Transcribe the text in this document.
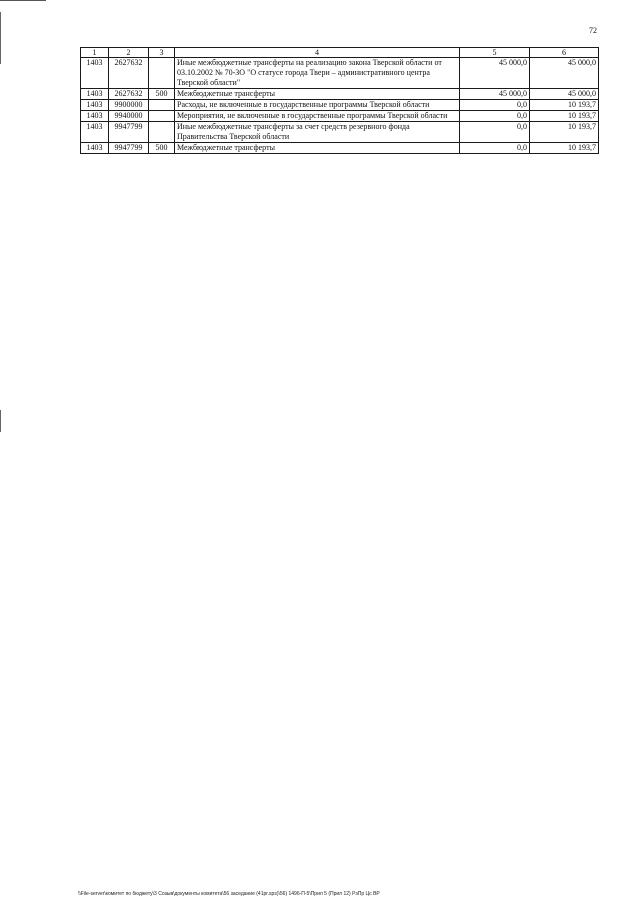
72
1	2	3	4	5	6
1403	2627632		Иные межбюджетные трансферты на реализацию закона Тверской области от 03.10.2002 № 70-ЗО "О статусе города Твери – административного центра Тверской области"	45 000,0	45 000,0
1403	2627632	500	Межбюджетные трансферты	45 000,0	45 000,0
1403	9900000		Расходы, не включенные в государственные программы Тверской области	0,0	10 193,7
1403	9940000		Мероприятия, не включенные в государственные программы Тверской области	0,0	10 193,7
1403	9947799		Иные межбюджетные трансферты за счет средств резервного фонда Правительства Тверской области	0,0	10 193,7
1403	9947799	500	Межбюджетные трансферты	0,0	10 193,7
\\File-server\комитет по бюджету\3 Созыв\документы комитета\56 заседание (41pr.sps)\56) 1496-П-5\Прил 5 (Прил 12) РзПр Цс ВР
